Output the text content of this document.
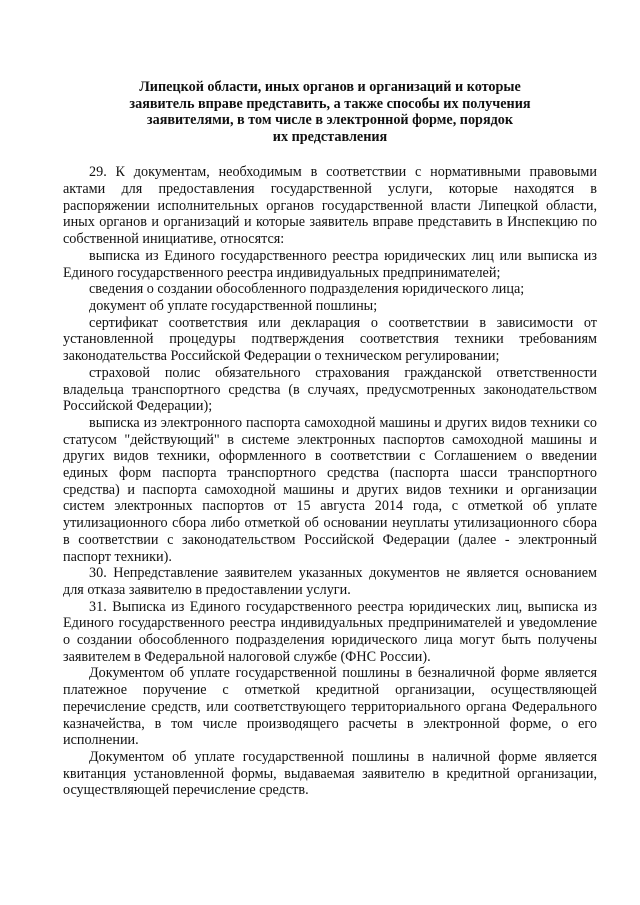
Липецкой области, иных органов и организаций и которые
заявитель вправе представить, а также способы их получения
заявителями, в том числе в электронной форме, порядок
их представления

29. К документам, необходимым в соответствии с нормативными правовыми актами для предоставления государственной услуги, которые находятся в распоряжении исполнительных органов государственной власти Липецкой области, иных органов и организаций и которые заявитель вправе представить в Инспекцию по собственной инициативе, относятся:

выписка из Единого государственного реестра юридических лиц или выписка из Единого государственного реестра индивидуальных предпринимателей;

сведения о создании обособленного подразделения юридического лица;

документ об уплате государственной пошлины;

сертификат соответствия или декларация о соответствии в зависимости от установленной процедуры подтверждения соответствия техники требованиям законодательства Российской Федерации о техническом регулировании;

страховой полис обязательного страхования гражданской ответственности владельца транспортного средства (в случаях, предусмотренных законодательством Российской Федерации);

выписка из электронного паспорта самоходной машины и других видов техники со статусом "действующий" в системе электронных паспортов самоходной машины и других видов техники, оформленного в соответствии с Соглашением о введении единых форм паспорта транспортного средства (паспорта шасси транспортного средства) и паспорта самоходной машины и других видов техники и организации систем электронных паспортов от 15 августа 2014 года, с отметкой об уплате утилизационного сбора либо отметкой об основании неуплаты утилизационного сбора в соответствии с законодательством Российской Федерации (далее - электронный паспорт техники).

30. Непредставление заявителем указанных документов не является основанием для отказа заявителю в предоставлении услуги.

31. Выписка из Единого государственного реестра юридических лиц, выписка из Единого государственного реестра индивидуальных предпринимателей и уведомление о создании обособленного подразделения юридического лица могут быть получены заявителем в Федеральной налоговой службе (ФНС России).

Документом об уплате государственной пошлины в безналичной форме является платежное поручение с отметкой кредитной организации, осуществляющей перечисление средств, или соответствующего территориального органа Федерального казначейства, в том числе производящего расчеты в электронной форме, о его исполнении.

Документом об уплате государственной пошлины в наличной форме является квитанция установленной формы, выдаваемая заявителю в кредитной организации, осуществляющей перечисление средств.
